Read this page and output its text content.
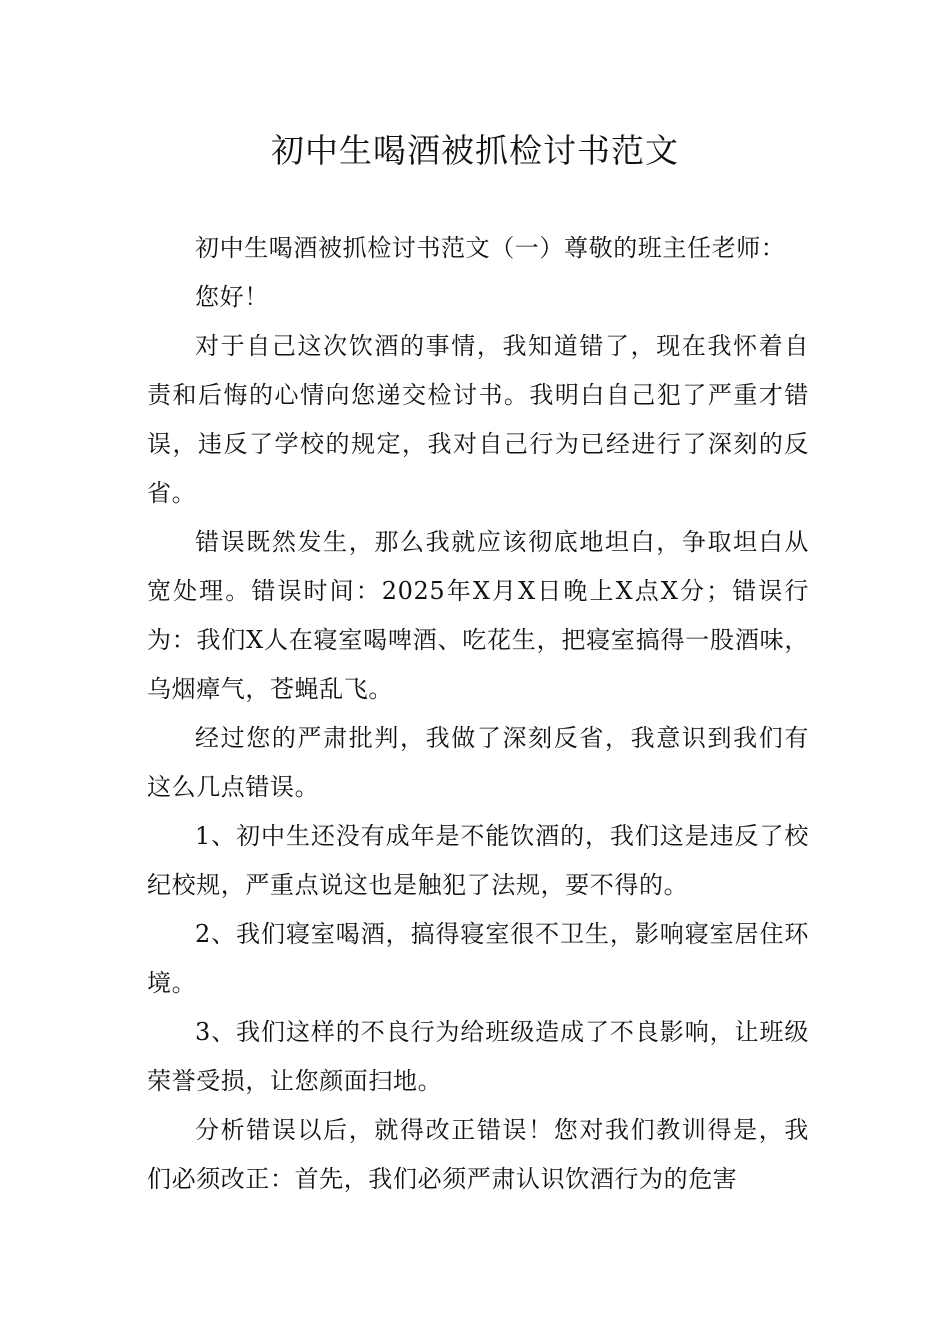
初中生喝酒被抓检讨书范文

初中生喝酒被抓检讨书范文（一）尊敬的班主任老师：

您好！

对于自己这次饮酒的事情，我知道错了，现在我怀着自责和后悔的心情向您递交检讨书。我明白自己犯了严重才错误，违反了学校的规定，我对自己行为已经进行了深刻的反省。

错误既然发生，那么我就应该彻底地坦白，争取坦白从宽处理。错误时间：2025年X月X日晚上X点X分；错误行为：我们X人在寝室喝啤酒、吃花生，把寝室搞得一股酒味，乌烟瘴气，苍蝇乱飞。

经过您的严肃批判，我做了深刻反省，我意识到我们有这么几点错误。

1、初中生还没有成年是不能饮酒的，我们这是违反了校纪校规，严重点说这也是触犯了法规，要不得的。

2、我们寝室喝酒，搞得寝室很不卫生，影响寝室居住环境。

3、我们这样的不良行为给班级造成了不良影响，让班级荣誉受损，让您颜面扫地。

分析错误以后，就得改正错误！您对我们教训得是，我们必须改正：首先，我们必须严肃认识饮酒行为的危害
